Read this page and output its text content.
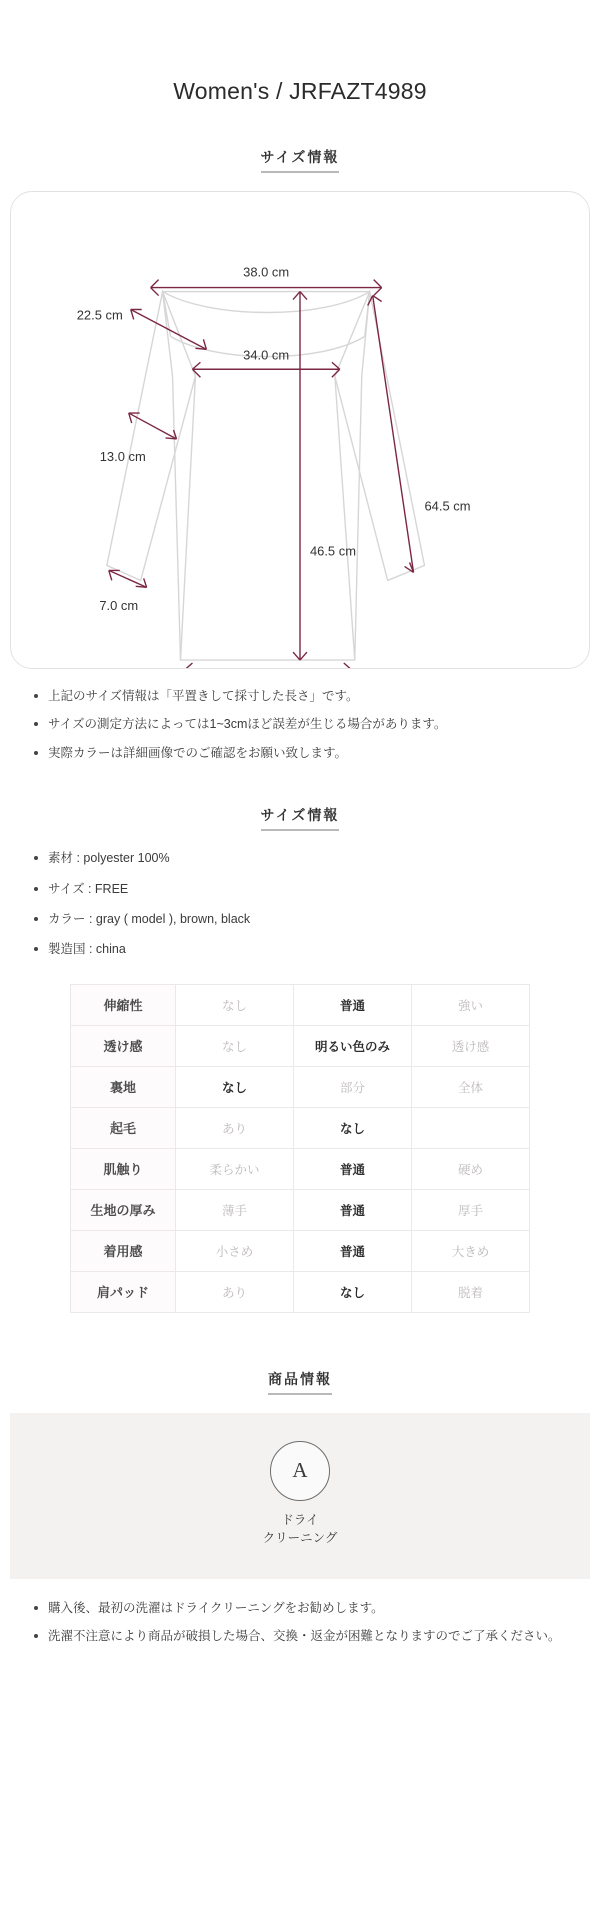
Women's / JRFAZT4989
サイズ情報
38.0 cm
22.5 cm
34.0 cm
64.5 cm
46.5 cm
13.0 cm
7.0 cm
上記のサイズ情報は「平置きして採寸した長さ」です。
サイズの測定方法によっては1~3cmほど誤差が生じる場合があります。
実際カラーは詳細画像でのご確認をお願い致します。
サイズ情報
素材 : polyester 100%
サイズ : FREE
カラー : gray ( model ), brown, black
製造国 : china
伸縮性	なし	普通	強い
透け感	なし	明るい色のみ	透け感
裏地	なし	部分	全体
起毛	あり	なし	
肌触り	柔らかい	普通	硬め
生地の厚み	薄手	普通	厚手
着用感	小さめ	普通	大きめ
肩パッド	あり	なし	脱着
商品情報
A
ドライ
クリーニング
購入後、最初の洗濯はドライクリーニングをお勧めします。
洗濯不注意により商品が破損した場合、交換・返金が困難となりますのでご了承ください。
